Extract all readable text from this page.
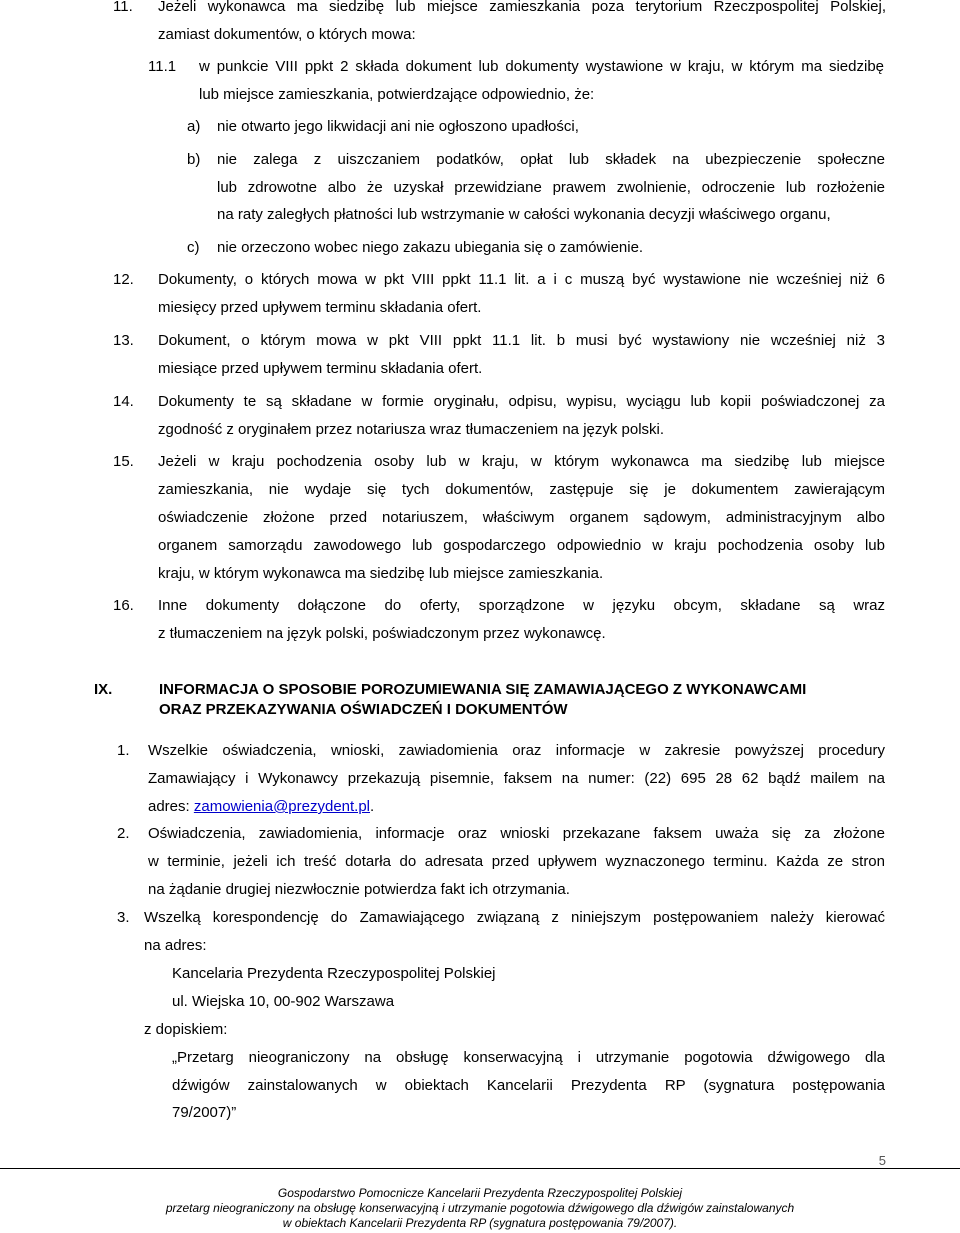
11. Jeżeli wykonawca ma siedzibę lub miejsce zamieszkania poza terytorium Rzeczpospolitej Polskiej,
zamiast dokumentów, o których mowa:
11.1 w punkcie VIII ppkt 2 składa dokument lub dokumenty wystawione w kraju, w którym ma siedzibę
lub miejsce zamieszkania, potwierdzające odpowiednio, że:
a) nie otwarto jego likwidacji ani nie ogłoszono upadłości,
b) nie zalega z uiszczaniem podatków, opłat lub składek na ubezpieczenie społeczne
lub zdrowotne albo że uzyskał przewidziane prawem zwolnienie, odroczenie lub rozłożenie
na raty zaległych płatności lub wstrzymanie w całości wykonania decyzji właściwego organu,
c) nie orzeczono wobec niego zakazu ubiegania się o zamówienie.
12. Dokumenty, o których mowa w pkt VIII ppkt 11.1 lit. a i c muszą być wystawione nie wcześniej niż 6
miesięcy przed upływem terminu składania ofert.
13. Dokument, o którym mowa w pkt VIII ppkt 11.1 lit. b musi być wystawiony nie wcześniej niż 3
miesiące przed upływem terminu składania ofert.
14. Dokumenty te są składane w formie oryginału, odpisu, wypisu, wyciągu lub kopii poświadczonej za
zgodność z oryginałem przez notariusza wraz tłumaczeniem na język polski.
15. Jeżeli w kraju pochodzenia osoby lub w kraju, w którym wykonawca ma siedzibę lub miejsce
zamieszkania, nie wydaje się tych dokumentów, zastępuje się je dokumentem zawierającym
oświadczenie złożone przed notariuszem, właściwym organem sądowym, administracyjnym albo
organem samorządu zawodowego lub gospodarczego odpowiednio w kraju pochodzenia osoby lub
kraju, w którym wykonawca ma siedzibę lub miejsce zamieszkania.
16. Inne dokumenty dołączone do oferty, sporządzone w języku obcym, składane są wraz
z tłumaczeniem na język polski, poświadczonym przez wykonawcę.
IX.	INFORMACJA O SPOSOBIE POROZUMIEWANIA SIĘ ZAMAWIAJĄCEGO Z WYKONAWCAMI
ORAZ PRZEKAZYWANIA OŚWIADCZEŃ I DOKUMENTÓW
1. Wszelkie oświadczenia, wnioski, zawiadomienia oraz informacje w zakresie powyższej procedury
Zamawiający i Wykonawcy przekazują pisemnie, faksem na numer: (22) 695 28 62 bądź mailem na
adres: zamowienia@prezydent.pl.
2. Oświadczenia, zawiadomienia, informacje oraz wnioski przekazane faksem uważa się za złożone
w terminie, jeżeli ich treść dotarła do adresata przed upływem wyznaczonego terminu. Każda ze stron
na żądanie drugiej niezwłocznie potwierdza fakt ich otrzymania.
3. Wszelką korespondencję do Zamawiającego związaną z niniejszym postępowaniem należy kierować
na adres:
Kancelaria Prezydenta Rzeczypospolitej Polskiej
ul. Wiejska 10, 00-902 Warszawa
z dopiskiem:
„Przetarg nieograniczony na obsługę konserwacyjną i utrzymanie pogotowia dźwigowego dla
dźwigów zainstalowanych w obiektach Kancelarii Prezydenta RP (sygnatura postępowania
79/2007)”
5
Gospodarstwo Pomocnicze Kancelarii Prezydenta Rzeczypospolitej Polskiej
przetarg nieograniczony na obsługę konserwacyjną i utrzymanie pogotowia dźwigowego dla dźwigów zainstalowanych
w obiektach Kancelarii Prezydenta RP (sygnatura postępowania 79/2007).
